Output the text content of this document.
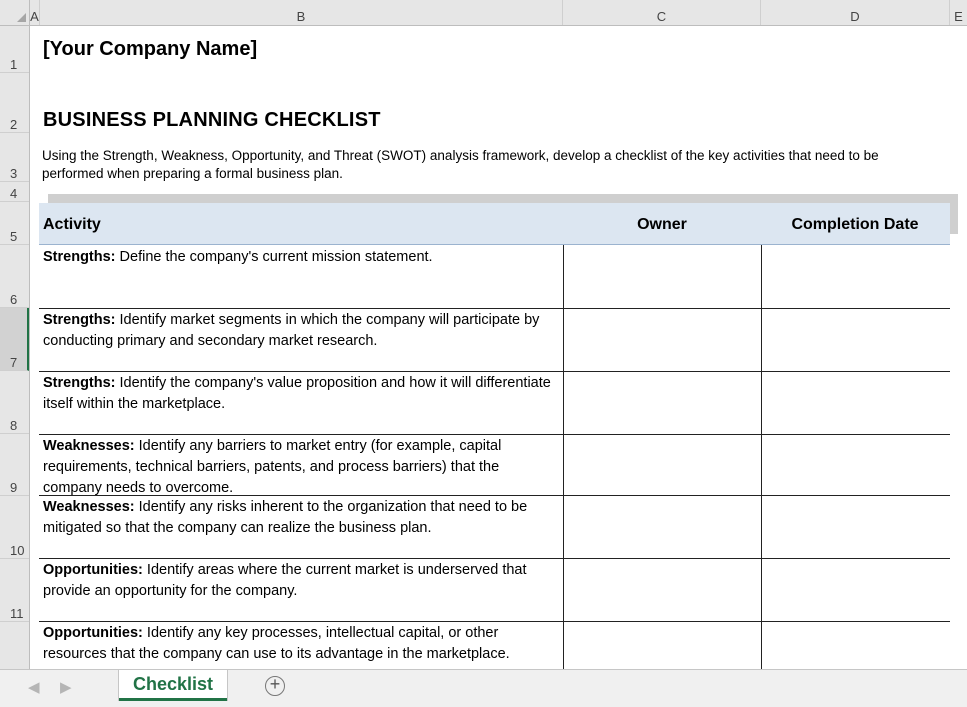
A	B	C	D	E
1
2
3
4
5
6
7
8
9
10
11
[Your Company Name]
BUSINESS PLANNING CHECKLIST
Using the Strength, Weakness, Opportunity, and Threat (SWOT) analysis framework, develop a checklist of the key activities that need to be
performed when preparing a formal business plan.
Activity	Owner	Completion Date
Strengths: Define the company's current mission statement.
Strengths: Identify market segments in which the company will participate by conducting primary and secondary market research.
Strengths: Identify the company's value proposition and how it will differentiate itself within the marketplace.
Weaknesses: Identify any barriers to market entry (for example, capital requirements, technical barriers, patents, and process barriers) that the company needs to overcome.
Weaknesses: Identify any risks inherent to the organization that need to be mitigated so that the company can realize the business plan.
Opportunities: Identify areas where the current market is underserved that provide an opportunity for the company.
Opportunities: Identify any key processes, intellectual capital, or other resources that the company can use to its advantage in the marketplace.
◀ ▶	Checklist	+
